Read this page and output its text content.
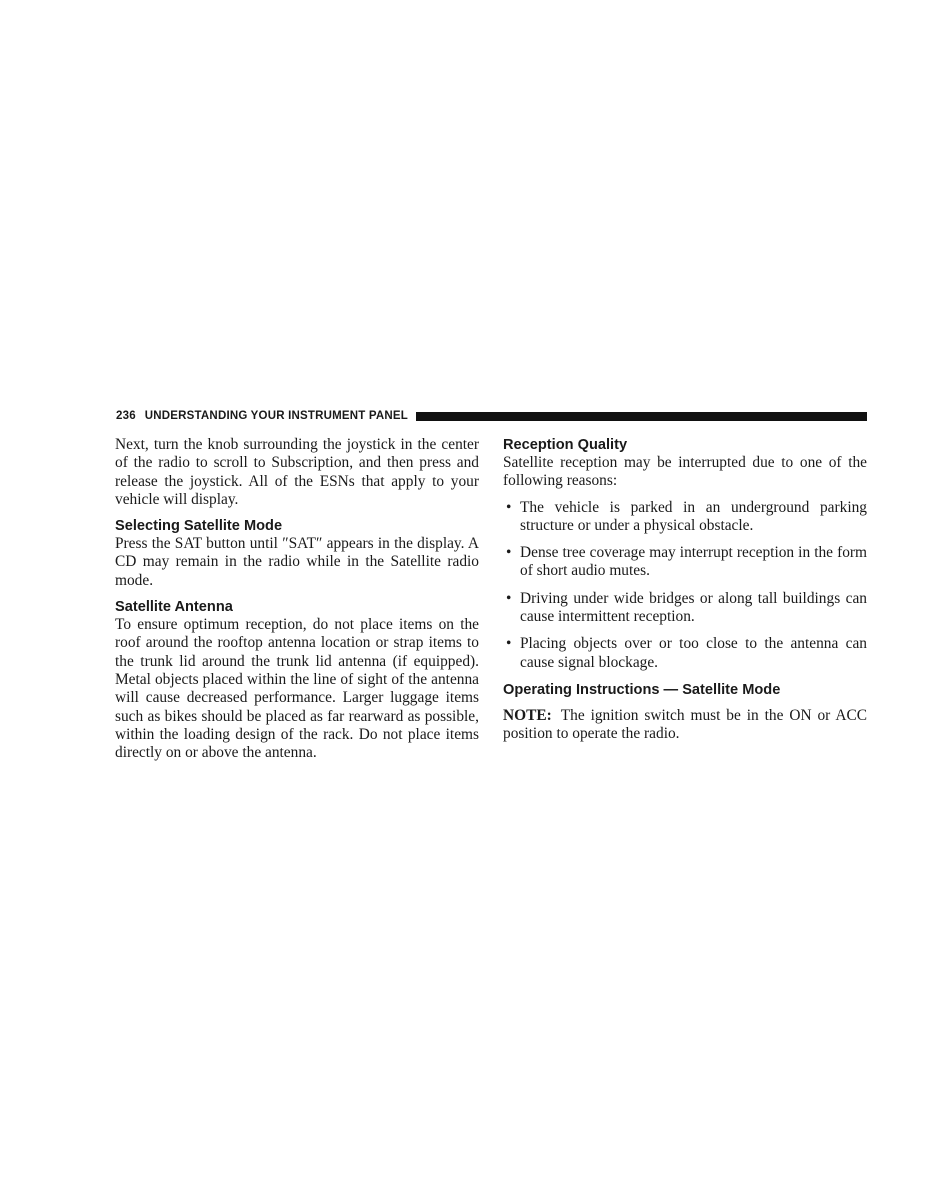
236 UNDERSTANDING YOUR INSTRUMENT PANEL

Next, turn the knob surrounding the joystick in the center of the radio to scroll to Subscription, and then press and release the joystick. All of the ESNs that apply to your vehicle will display.

Selecting Satellite Mode

Press the SAT button until ″SAT″ appears in the display. A CD may remain in the radio while in the Satellite radio mode.

Satellite Antenna

To ensure optimum reception, do not place items on the roof around the rooftop antenna location or strap items to the trunk lid around the trunk lid antenna (if equipped). Metal objects placed within the line of sight of the antenna will cause decreased performance. Larger luggage items such as bikes should be placed as far rearward as possible, within the loading design of the rack. Do not place items directly on or above the antenna.

Reception Quality

Satellite reception may be interrupted due to one of the following reasons:

• The vehicle is parked in an underground parking structure or under a physical obstacle.

• Dense tree coverage may interrupt reception in the form of short audio mutes.

• Driving under wide bridges or along tall buildings can cause intermittent reception.

• Placing objects over or too close to the antenna can cause signal blockage.

Operating Instructions — Satellite Mode

NOTE: The ignition switch must be in the ON or ACC position to operate the radio.
